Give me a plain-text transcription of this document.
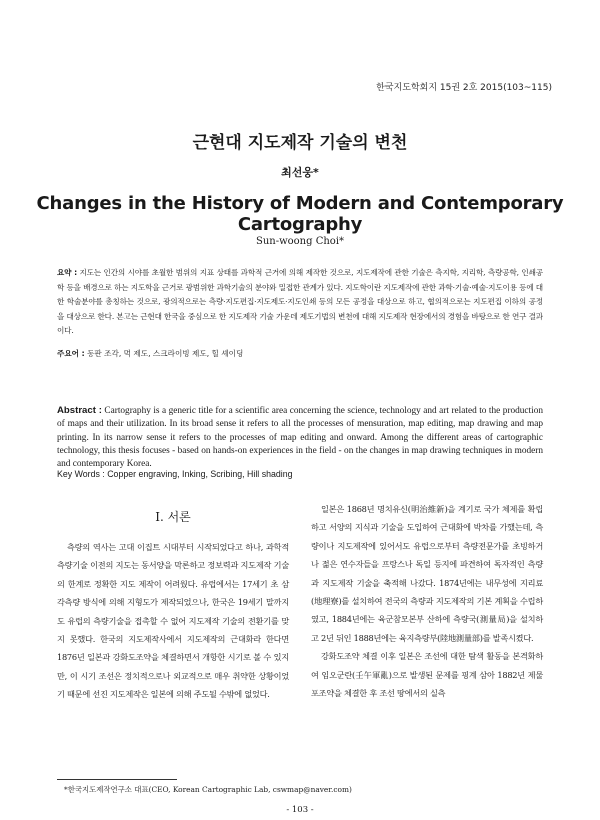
한국지도학회지 15권 2호 2015(103~115)
근현대 지도제작 기술의 변천
최선웅*
Changes in the History of Modern and Contemporary Cartography
Sun-woong Choi*
요약 : 지도는 인간의 시야를 초월한 범위의 지표 상태를 과학적 근거에 의해 제작한 것으로, 지도제작에 관한 기술은 측지학, 지리학, 측량공학, 인쇄공학 등을 배경으로 하는 지도학을 근거로 광범위한 과학기술의 분야와 밀접한 관계가 있다. 지도학이란 지도제작에 관한 과학·기술·예술·지도이용 등에 대한 학술분야를 총칭하는 것으로, 광의적으로는 측량·지도편집·지도제도·지도인쇄 등의 모든 공정을 대상으로 하고, 협의적으로는 지도편집 이하의 공정을 대상으로 한다. 본고는 근현대 한국을 중심으로 한 지도제작 기술 가운데 제도기법의 변천에 대해 지도제작 현장에서의 경험을 바탕으로 한 연구 결과이다.
주요어 : 동판 조각, 먹 제도, 스크라이빙 제도, 힐 셰이딩
Abstract : Cartography is a generic title for a scientific area concerning the science, technology and art related to the production of maps and their utilization. In its broad sense it refers to all the processes of mensuration, map editing, map drawing and map printing. In its narrow sense it refers to the processes of map editing and onward. Among the different areas of cartographic technology, this thesis focuses - based on hands-on experiences in the field - on the changes in map drawing techniques in modern and contemporary Korea.
Key Words : Copper engraving, Inking, Scribing, Hill shading
I. 서론

측량의 역사는 고대 이집트 시대부터 시작되었다고 하나, 과학적 측량기술 이전의 지도는 동서양을 막론하고 정보력과 지도제작 기술의 한계로 정확한 지도 제작이 어려웠다. 유럽에서는 17세기 초 삼각측량 방식에 의해 지형도가 제작되었으나, 한국은 19세기 말까지도 유럽의 측량기술을 접촉할 수 없어 지도제작 기술의 전환기를 맞지 못했다. 한국의 지도제작사에서 지도제작의 근대화라 한다면 1876년 일본과 강화도조약을 체결하면서 개항한 시기로 볼 수 있지만, 이 시기 조선은 정치적으로나 외교적으로 매우 취약한 상황이었기 때문에 선진 지도제작은 일본에 의해 주도될 수밖에 없었다.

일본은 1868년 명치유신(明治維新)을 계기로 국가 체제를 확립하고 서양의 지식과 기술을 도입하여 근대화에 박차를 가했는데, 측량이나 지도제작에 있어서도 유럽으로부터 측량전문가를 초빙하거나 젊은 연수자들을 프랑스나 독일 등지에 파견하여 독자적인 측량과 지도제작 기술을 축적해 나갔다. 1874년에는 내무성에 지리료(地理寮)를 설치하여 전국의 측량과 지도제작의 기본 계획을 수립하였고, 1884년에는 육군참모본부 산하에 측량국(測量局)을 설치하고 2년 뒤인 1888년에는 육지측량부(陸地測量部)를 발족시켰다.

강화도조약 체결 이후 일본은 조선에 대한 탐색 활동을 본격화하여 임오군란(壬午軍亂)으로 발생된 문제를 핑계 삼아 1882년 제물포조약을 체결한 후 조선 땅에서의 실측

*한국지도제작연구소 대표(CEO, Korean Cartographic Lab, cswmap@naver.com)
- 103 -
